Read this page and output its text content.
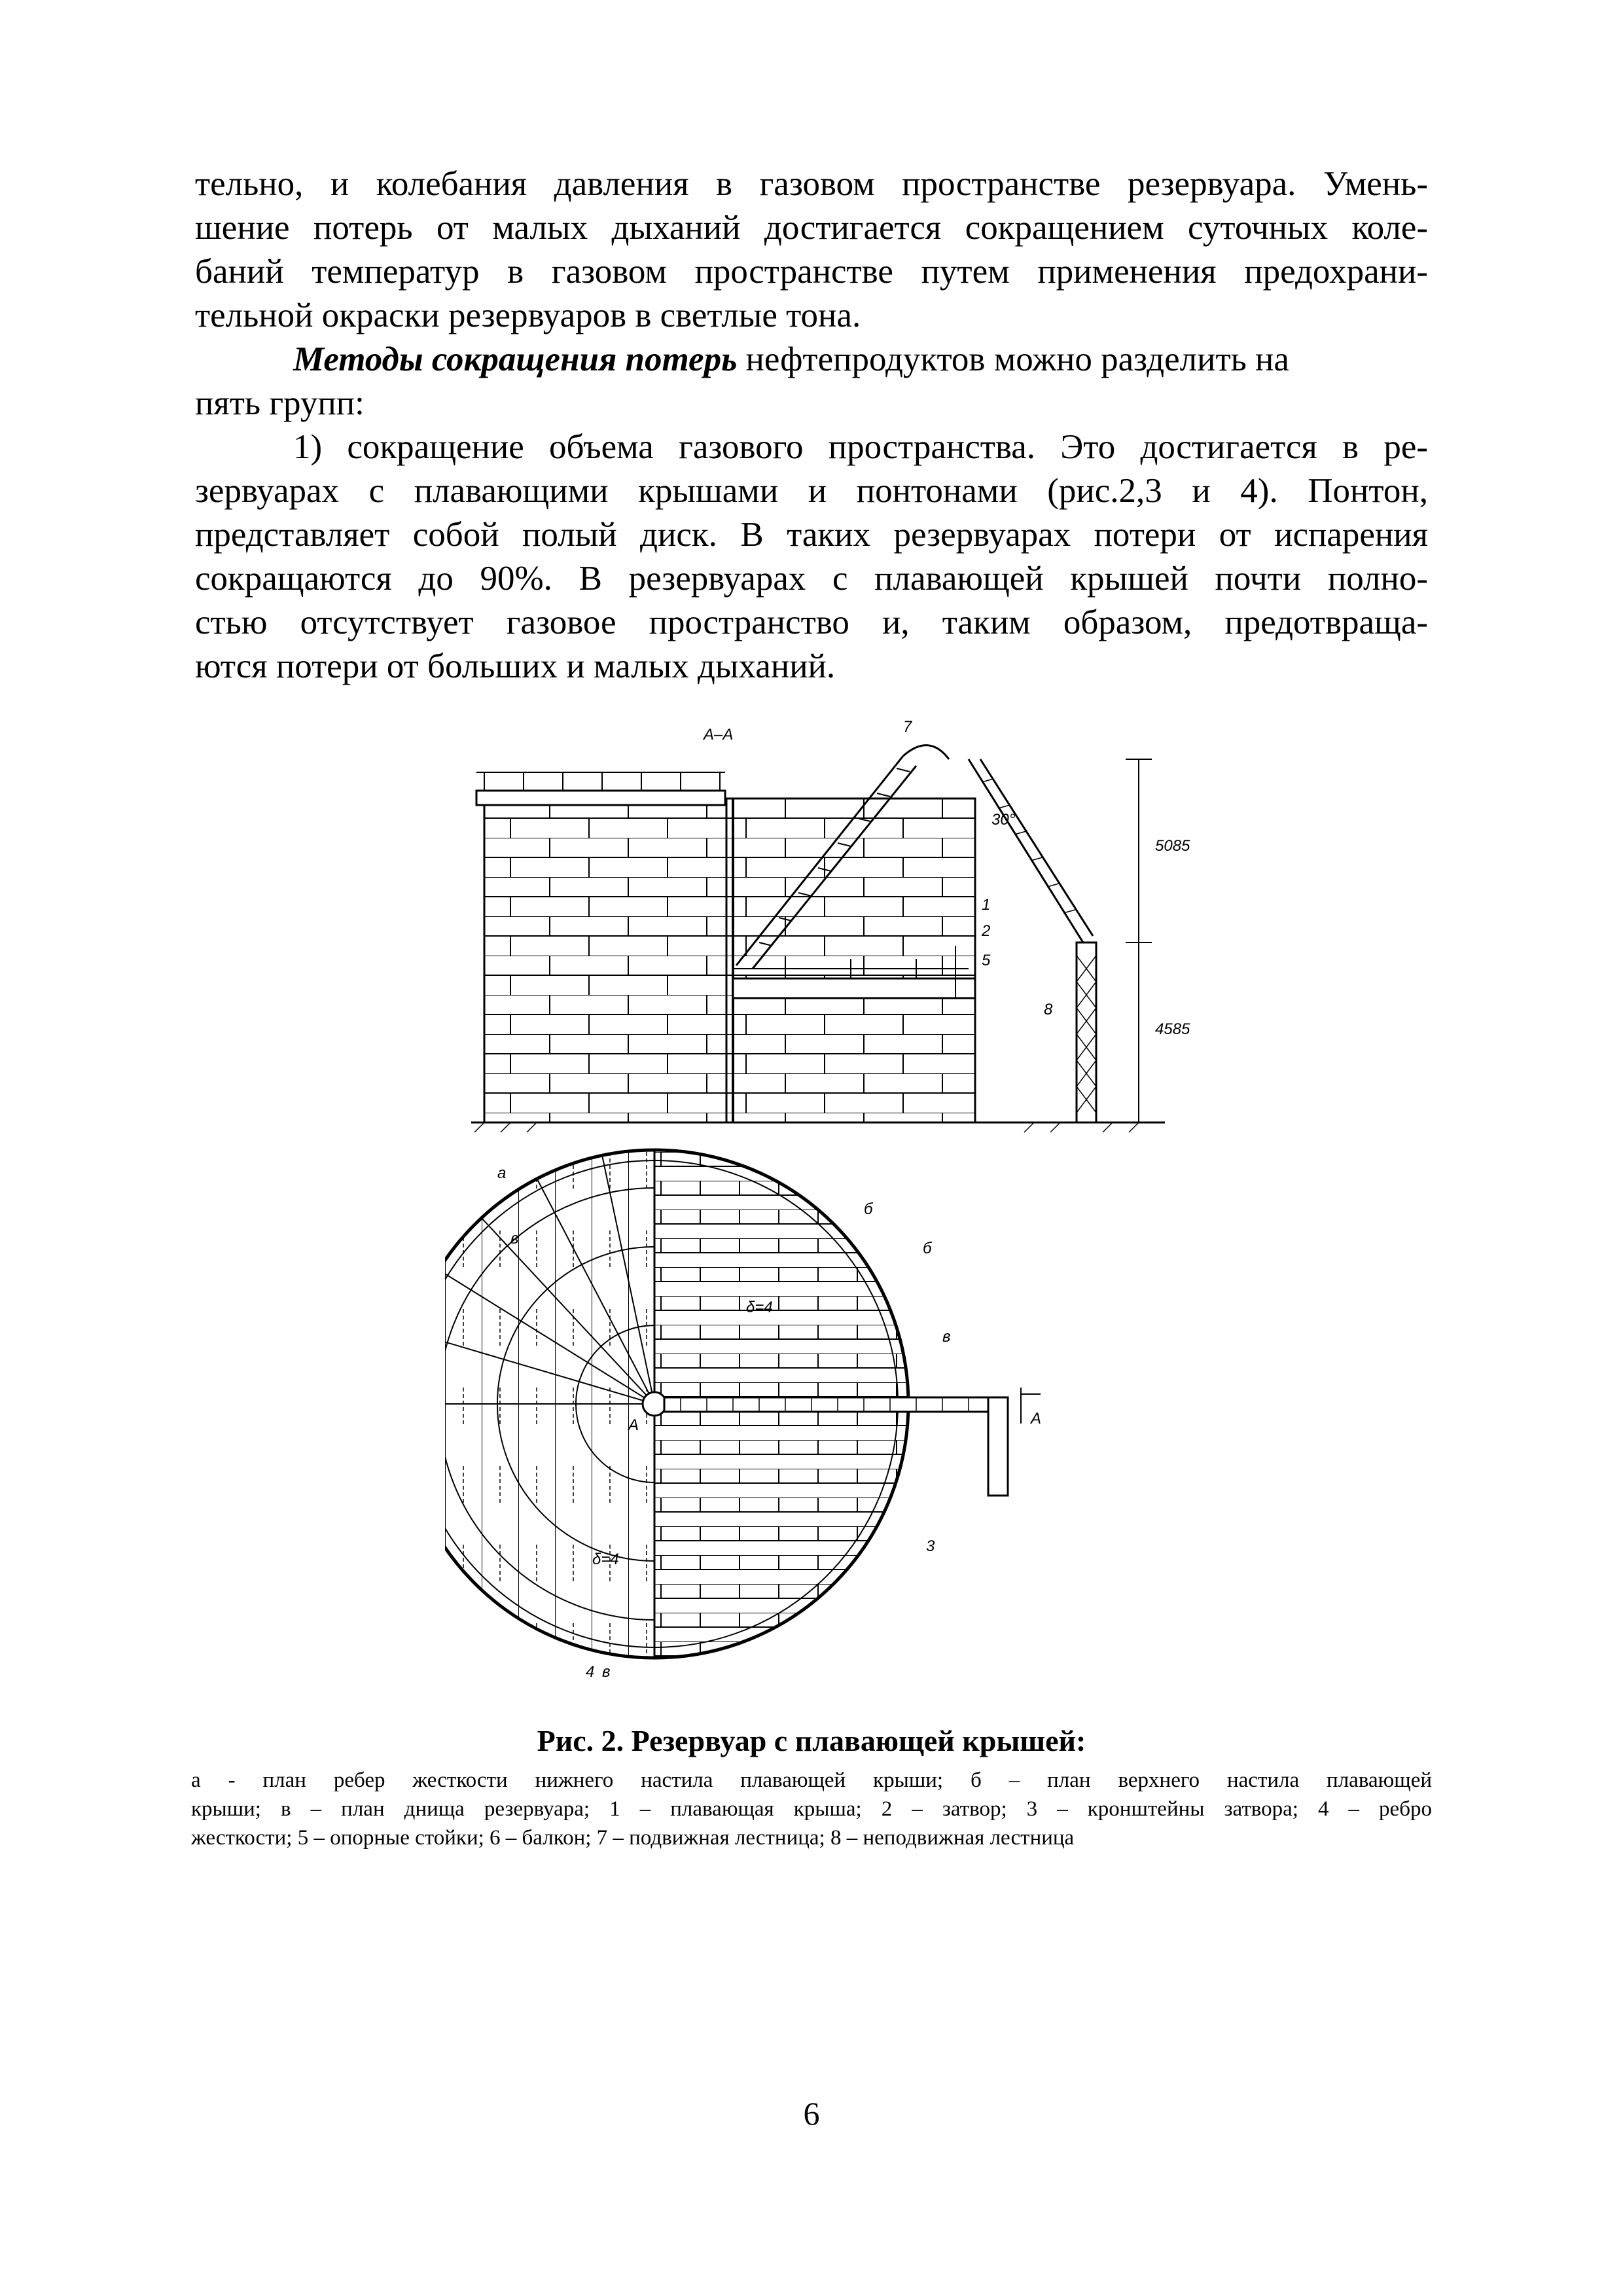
тельно, и колебания давления в газовом пространстве резервуара. Умень-
шение потерь от малых дыханий достигается сокращением суточных коле-
баний температур в газовом пространстве путем применения предохрани-
тельной окраски резервуаров в светлые тона.
Методы сокращения потерь нефтепродуктов можно разделить на
пять групп:
1) сокращение объема газового пространства. Это достигается в ре-
зервуарах с плавающими крышами и понтонами (рис.2,3 и 4). Понтон,
представляет собой полый диск. В таких резервуарах потери от испарения
сокращаются до 90%. В резервуарах с плавающей крышей почти полно-
стью отсутствует газовое пространство и, таким образом, предотвраща-
ются потери от больших и малых дыханий.
А–А	7
1
2
5
8
30°
5085
4585
а
б
в
б
в
4
в
А	А
δ=4
δ=4
3
Рис. 2. Резервуар с плавающей крышей:
а - план ребер жесткости нижнего настила плавающей крыши; б – план верхнего настила плавающей
крыши; в – план днища резервуара; 1 – плавающая крыша; 2 – затвор; 3 – кронштейны затвора; 4 – ребро
жесткости; 5 – опорные стойки; 6 – балкон; 7 – подвижная лестница; 8 – неподвижная лестница
6
